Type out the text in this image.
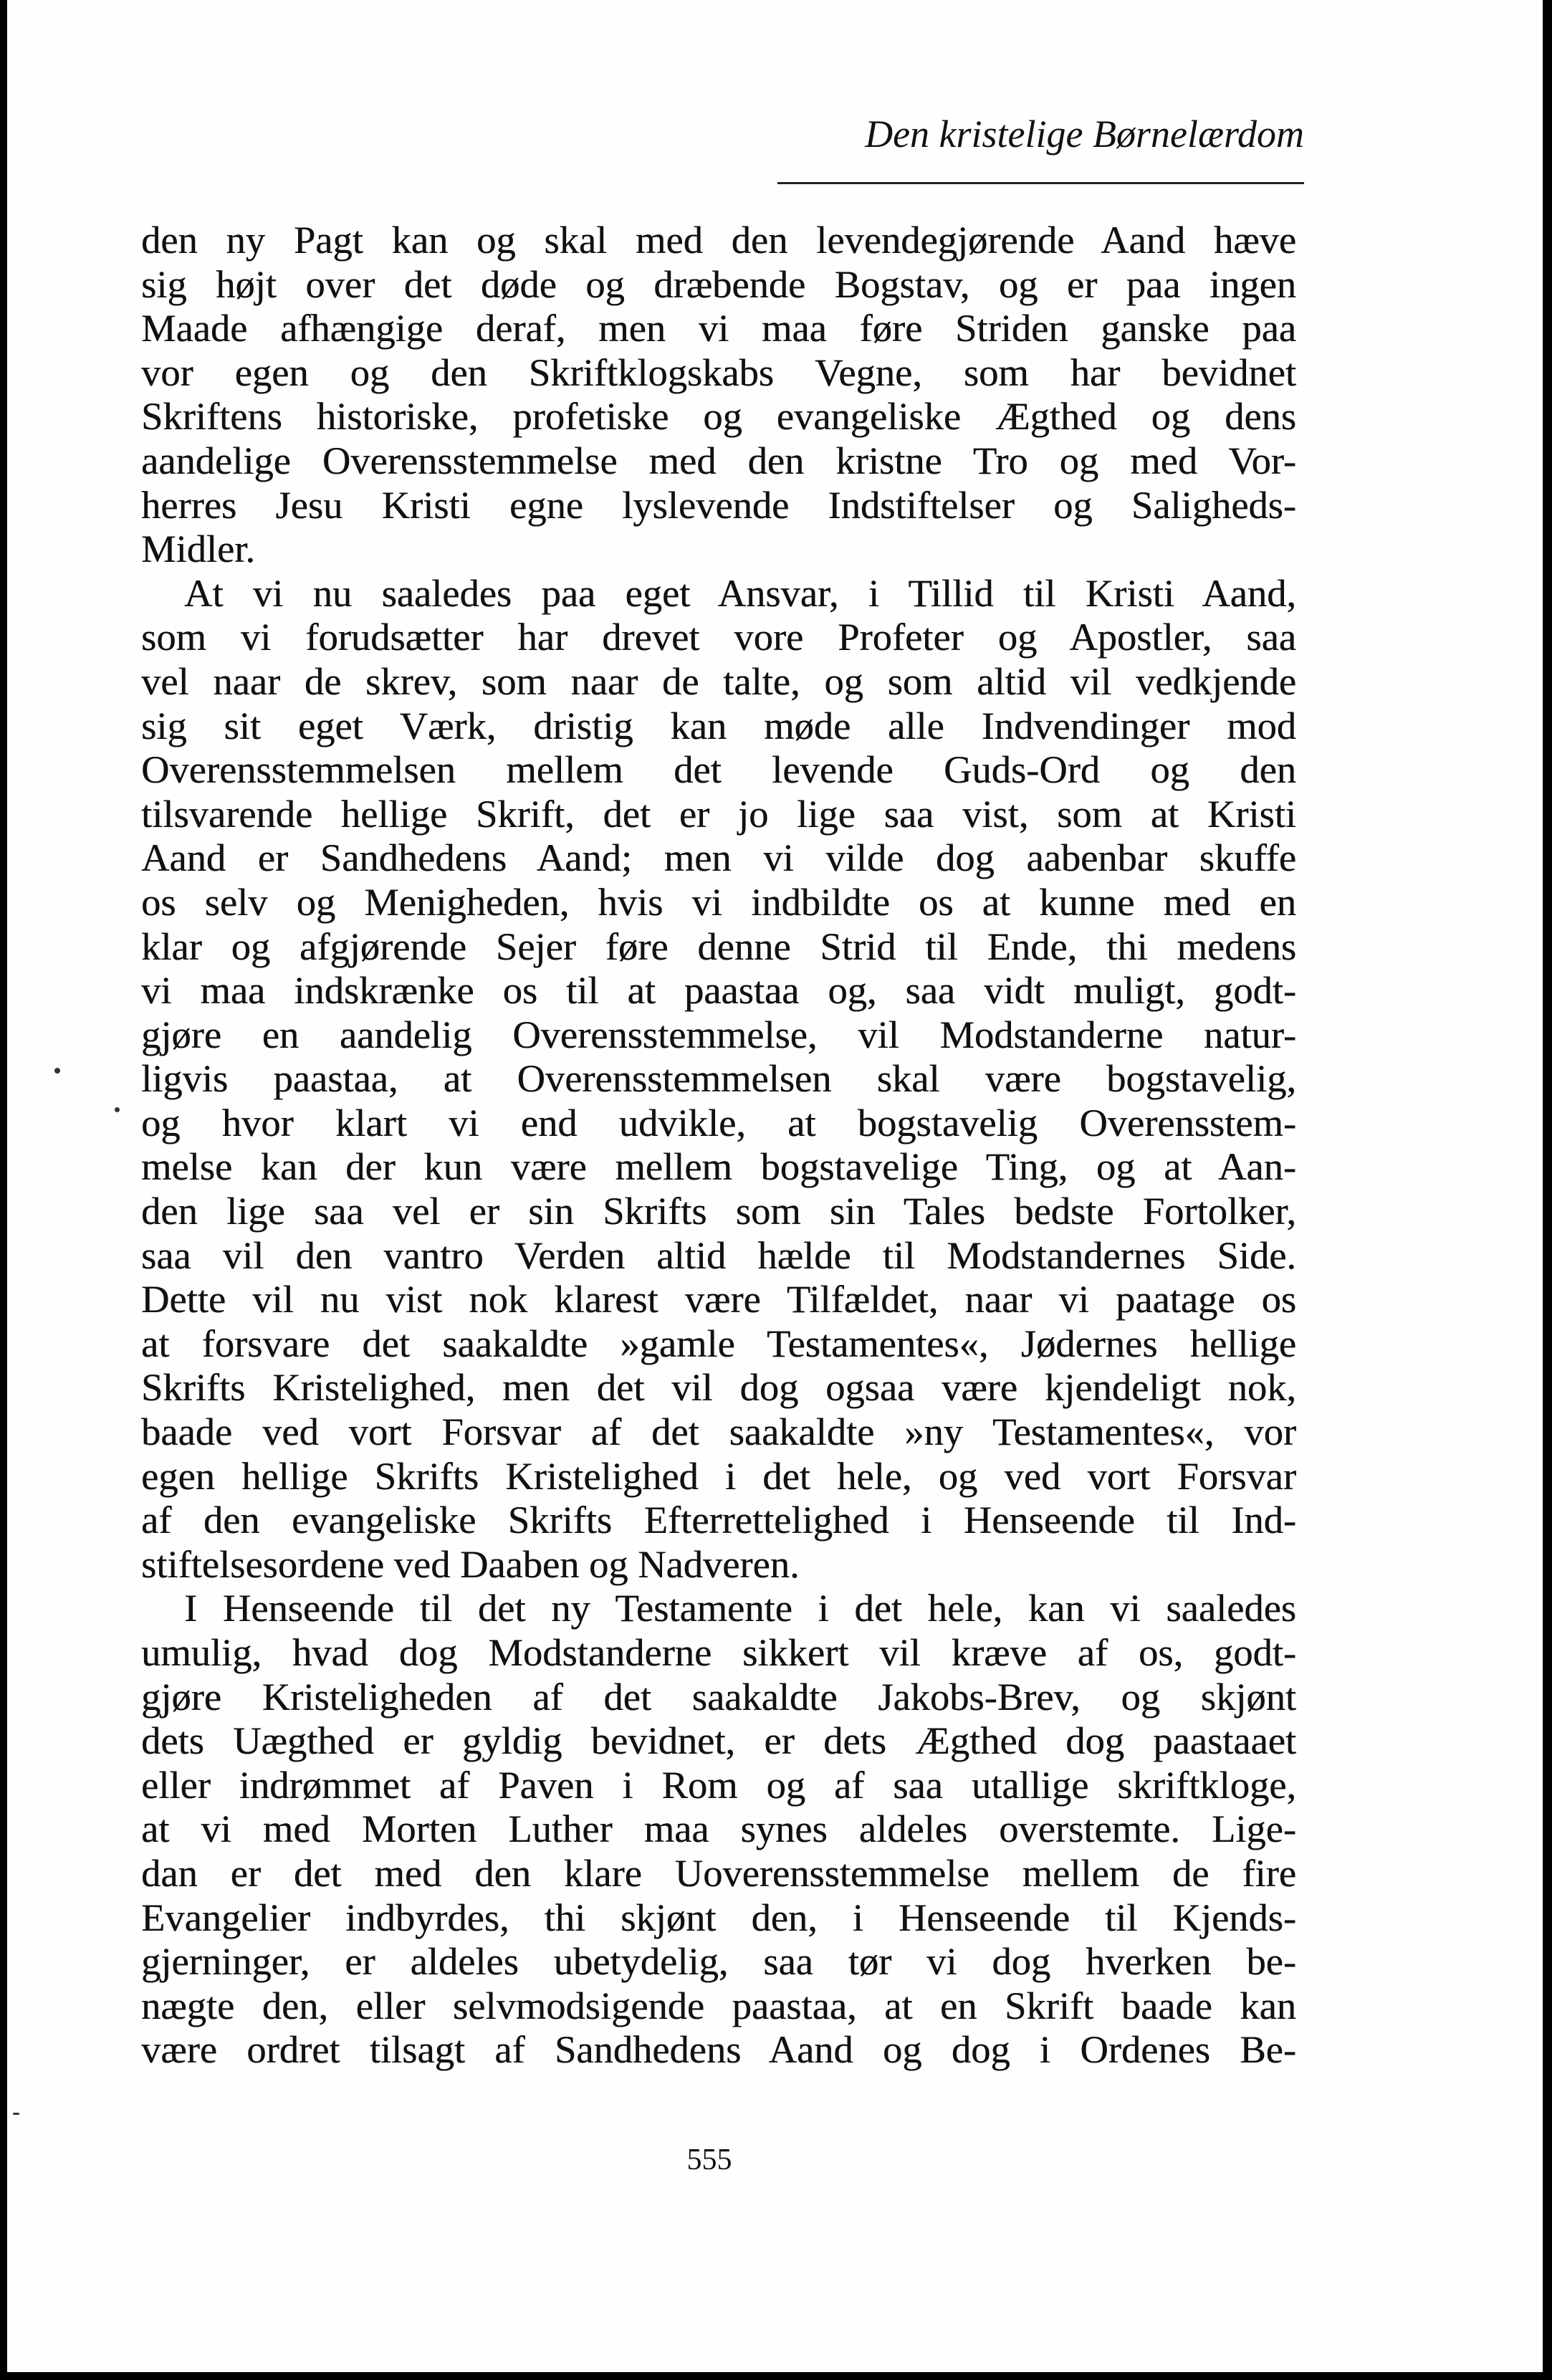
Den kristelige Børnelærdom
den ny Pagt kan og skal med den levendegjørende Aand hæve
sig højt over det døde og dræbende Bogstav, og er paa ingen
Maade afhængige deraf, men vi maa føre Striden ganske paa
vor egen og den Skriftklogskabs Vegne, som har bevidnet
Skriftens historiske, profetiske og evangeliske Ægthed og dens
aandelige Overensstemmelse med den kristne Tro og med Vor-
herres Jesu Kristi egne lyslevende Indstiftelser og Saligheds-
Midler.
At vi nu saaledes paa eget Ansvar, i Tillid til Kristi Aand,
som vi forudsætter har drevet vore Profeter og Apostler, saa
vel naar de skrev, som naar de talte, og som altid vil vedkjende
sig sit eget Værk, dristig kan møde alle Indvendinger mod
Overensstemmelsen mellem det levende Guds-Ord og den
tilsvarende hellige Skrift, det er jo lige saa vist, som at Kristi
Aand er Sandhedens Aand; men vi vilde dog aabenbar skuffe
os selv og Menigheden, hvis vi indbildte os at kunne med en
klar og afgjørende Sejer føre denne Strid til Ende, thi medens
vi maa indskrænke os til at paastaa og, saa vidt muligt, godt-
gjøre en aandelig Overensstemmelse, vil Modstanderne natur-
ligvis paastaa, at Overensstemmelsen skal være bogstavelig,
og hvor klart vi end udvikle, at bogstavelig Overensstem-
melse kan der kun være mellem bogstavelige Ting, og at Aan-
den lige saa vel er sin Skrifts som sin Tales bedste Fortolker,
saa vil den vantro Verden altid hælde til Modstandernes Side.
Dette vil nu vist nok klarest være Tilfældet, naar vi paatage os
at forsvare det saakaldte »gamle Testamentes«, Jødernes hellige
Skrifts Kristelighed, men det vil dog ogsaa være kjendeligt nok,
baade ved vort Forsvar af det saakaldte »ny Testamentes«, vor
egen hellige Skrifts Kristelighed i det hele, og ved vort Forsvar
af den evangeliske Skrifts Efterrettelighed i Henseende til Ind-
stiftelsesordene ved Daaben og Nadveren.
I Henseende til det ny Testamente i det hele, kan vi saaledes
umulig, hvad dog Modstanderne sikkert vil kræve af os, godt-
gjøre Kristeligheden af det saakaldte Jakobs-Brev, og skjønt
dets Uægthed er gyldig bevidnet, er dets Ægthed dog paastaaet
eller indrømmet af Paven i Rom og af saa utallige skriftkloge,
at vi med Morten Luther maa synes aldeles overstemte. Lige-
dan er det med den klare Uoverensstemmelse mellem de fire
Evangelier indbyrdes, thi skjønt den, i Henseende til Kjends-
gjerninger, er aldeles ubetydelig, saa tør vi dog hverken be-
nægte den, eller selvmodsigende paastaa, at en Skrift baade kan
være ordret tilsagt af Sandhedens Aand og dog i Ordenes Be-
555
